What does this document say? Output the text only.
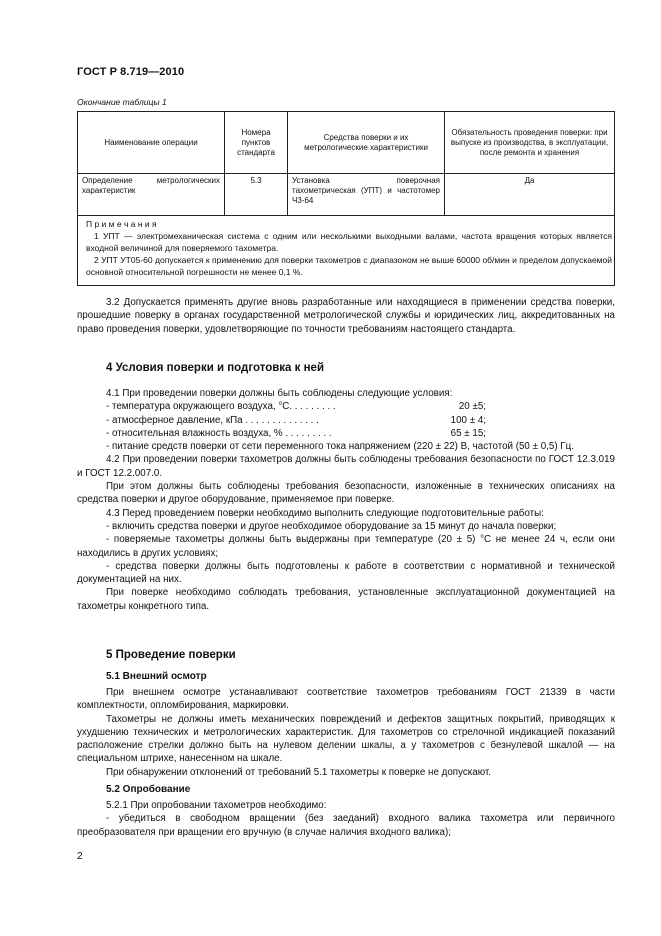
ГОСТ Р 8.719—2010
Окончание таблицы 1
Наименование операции	Номера пунктов стандарта	Средства поверки и их метрологические характеристики	Обязательность проведения поверки: при выпуске из производства, в эксплуатации, после ремонта и хранения
Определение метрологических характеристик	5.3	Установка поверочная тахометрическая (УПТ) и частотомер Ч3-64	Да

П р и м е ч а н и я
1 УПТ — электромеханическая система с одним или несколькими выходными валами, частота вращения которых является входной величиной для поверяемого тахометра.
2 УПТ УТ05-60 допускается к применению для поверки тахометров с диапазоном не выше 60000 об/мин и пределом допускаемой основной относительной погрешности не менее 0,1 %.

3.2 Допускается применять другие вновь разработанные или находящиеся в применении средства поверки, прошедшие поверку в органах государственной метрологической службы и юридических лиц, аккредитованных на право проведения поверки, удовлетворяющие по точности требованиям настоящего стандарта.

4 Условия поверки и подготовка к ней

4.1 При проведении поверки должны быть соблюдены следующие условия:

- температура окружающего воздуха, °С. . . . . . . . .	20 ±5;
- атмосферное давление, кПа . . . . . . . . . . . . . .	100 ± 4;
- относительная влажность воздуха, % . . . . . . . . .	65 ± 15;

- питание средств поверки от сети переменного тока напряжением (220 ± 22) В, частотой (50 ± 0,5) Гц.

4.2 При проведении поверки тахометров должны быть соблюдены требования безопасности по ГОСТ 12.3.019 и ГОСТ 12.2.007.0.

При этом должны быть соблюдены требования безопасности, изложенные в технических описаниях на средства поверки и другое оборудование, применяемое при поверке.

4.3 Перед проведением поверки необходимо выполнить следующие подготовительные работы:

- включить средства поверки и другое необходимое оборудование за 15 минут до начала поверки;

- поверяемые тахометры должны быть выдержаны при температуре (20 ± 5) °С не менее 24 ч, если они находились в других условиях;

- средства поверки должны быть подготовлены к работе в соответствии с нормативной и технической документацией на них.

При поверке необходимо соблюдать требования, установленные эксплуатационной документацией на тахометры конкретного типа.

5 Проведение поверки
5.1 Внешний осмотр

При внешнем осмотре устанавливают соответствие тахометров требованиям ГОСТ 21339 в части комплектности, опломбирования, маркировки.

Тахометры не должны иметь механических повреждений и дефектов защитных покрытий, приводящих к ухудшению технических и метрологических характеристик. Для тахометров со стрелочной индикацией показаний расположение стрелки должно быть на нулевом делении шкалы, а у тахометров с безнулевой шкалой — на специальном штрихе, нанесенном на шкале.

При обнаружении отклонений от требований 5.1 тахометры к поверке не допускают.

5.2 Опробование

5.2.1 При опробовании тахометров необходимо:

- убедиться в свободном вращении (без заеданий) входного валика тахометра или первичного преобразователя при вращении его вручную (в случае наличия входного валика);

2
